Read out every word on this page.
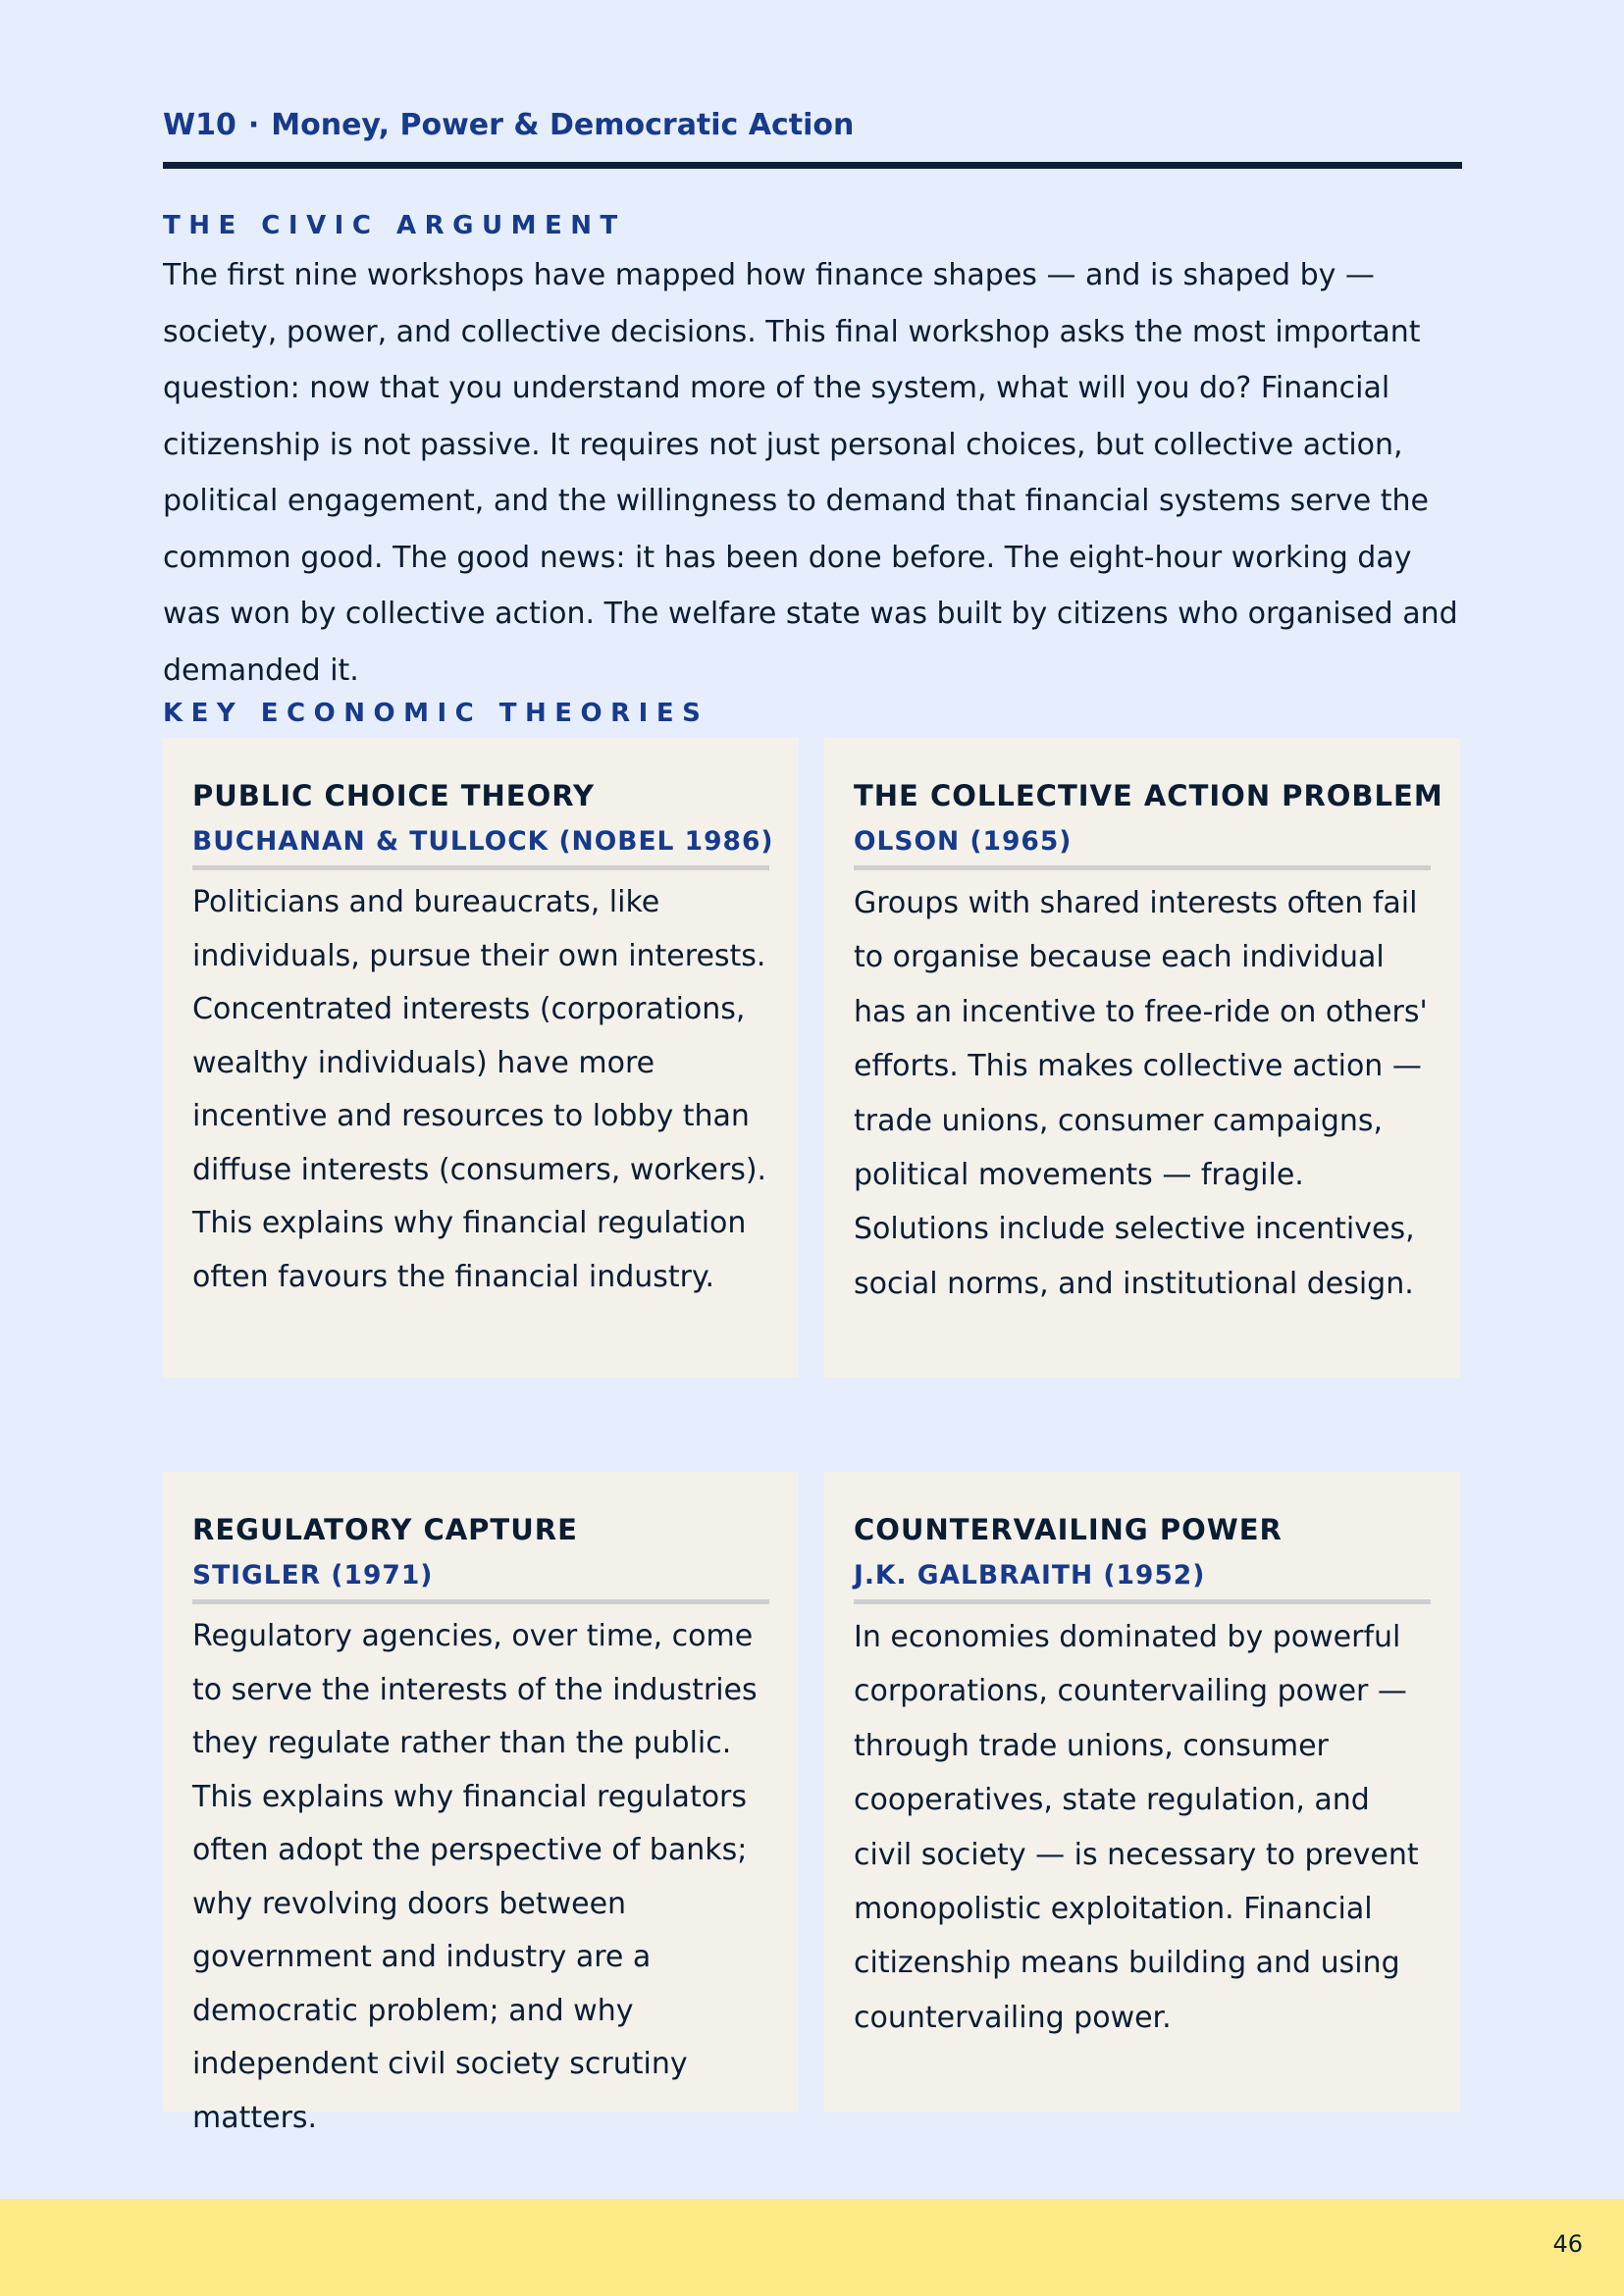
W10 · Money, Power & Democratic Action
THE CIVIC ARGUMENT
The first nine workshops have mapped how finance shapes — and is shaped by — society, power, and collective decisions. This final workshop asks the most important question: now that you understand more of the system, what will you do? Financial citizenship is not passive. It requires not just personal choices, but collective action, political engagement, and the willingness to demand that financial systems serve the common good. The good news: it has been done before. The eight-hour working day was won by collective action. The welfare state was built by citizens who organised and demanded it.
KEY ECONOMIC THEORIES
PUBLIC CHOICE THEORY
BUCHANAN & TULLOCK (NOBEL 1986)
Politicians and bureaucrats, like individuals, pursue their own interests. Concentrated interests (corporations, wealthy individuals) have more incentive and resources to lobby than diffuse interests (consumers, workers). This explains why financial regulation often favours the financial industry.
THE COLLECTIVE ACTION PROBLEM
OLSON (1965)
Groups with shared interests often fail to organise because each individual has an incentive to free-ride on others' efforts. This makes collective action — trade unions, consumer campaigns, political movements — fragile. Solutions include selective incentives, social norms, and institutional design.
REGULATORY CAPTURE
STIGLER (1971)
Regulatory agencies, over time, come to serve the interests of the industries they regulate rather than the public. This explains why financial regulators often adopt the perspective of banks; why revolving doors between government and industry are a democratic problem; and why independent civil society scrutiny matters.
COUNTERVAILING POWER
J.K. GALBRAITH (1952)
In economies dominated by powerful corporations, countervailing power — through trade unions, consumer cooperatives, state regulation, and civil society — is necessary to prevent monopolistic exploitation. Financial citizenship means building and using countervailing power.
46
